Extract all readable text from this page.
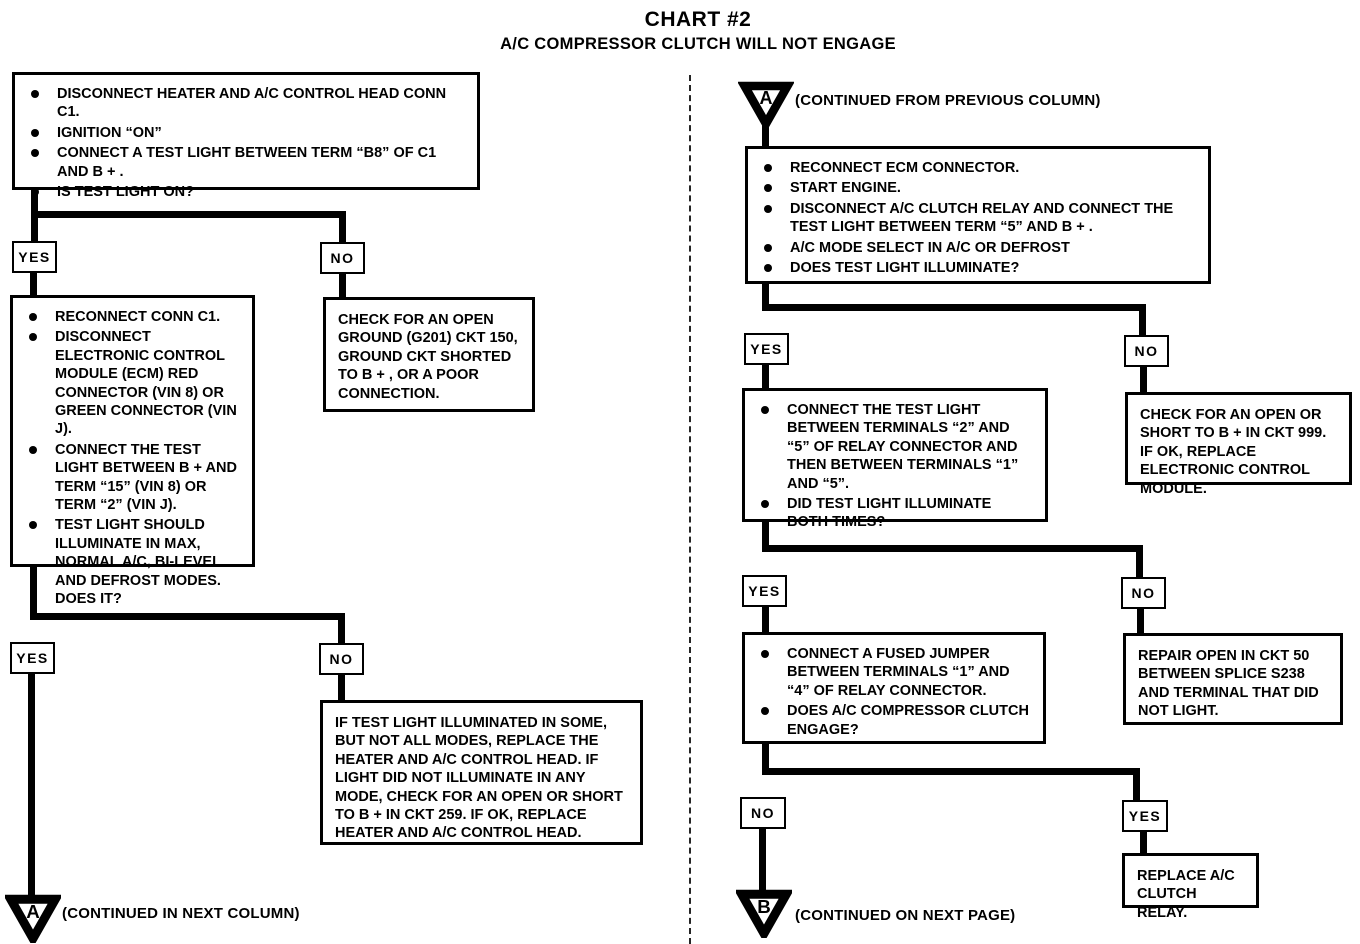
CHART #2
A/C COMPRESSOR CLUTCH WILL NOT ENGAGE
DISCONNECT HEATER AND A/C CONTROL HEAD CONN C1.
IGNITION “ON”
CONNECT A TEST LIGHT BETWEEN TERM “B8” OF C1 AND B + .
IS TEST LIGHT ON?
YES	NO
RECONNECT CONN C1.
DISCONNECT ELECTRONIC CONTROL MODULE (ECM) RED CONNECTOR (VIN 8) OR GREEN CONNECTOR (VIN J).
CONNECT THE TEST LIGHT BETWEEN B + AND TERM “15” (VIN 8) OR TERM “2” (VIN J).
TEST LIGHT SHOULD ILLUMINATE IN MAX, NORMAL A/C, BI-LEVEL AND DEFROST MODES. DOES IT?
CHECK FOR AN OPEN GROUND (G201) CKT 150, GROUND CKT SHORTED TO B + , OR A POOR CONNECTION.
YES	NO
IF TEST LIGHT ILLUMINATED IN SOME, BUT NOT ALL MODES, REPLACE THE HEATER AND A/C CONTROL HEAD. IF LIGHT DID NOT ILLUMINATE IN ANY MODE, CHECK FOR AN OPEN OR SHORT TO B + IN CKT 259. IF OK, REPLACE HEATER AND A/C CONTROL HEAD.
A (CONTINUED IN NEXT COLUMN)
A (CONTINUED FROM PREVIOUS COLUMN)
RECONNECT ECM CONNECTOR.
START ENGINE.
DISCONNECT A/C CLUTCH RELAY AND CONNECT THE TEST LIGHT BETWEEN TERM “5” AND B + .
A/C MODE SELECT IN A/C OR DEFROST
DOES TEST LIGHT ILLUMINATE?
YES	NO
CONNECT THE TEST LIGHT BETWEEN TERMINALS “2” AND “5” OF RELAY CONNECTOR AND THEN BETWEEN TERMINALS “1” AND “5”.
DID TEST LIGHT ILLUMINATE BOTH TIMES?
CHECK FOR AN OPEN OR SHORT TO B + IN CKT 999. IF OK, REPLACE ELECTRONIC CONTROL MODULE.
YES	NO
CONNECT A FUSED JUMPER BETWEEN TERMINALS “1” AND “4” OF RELAY CONNECTOR.
DOES A/C COMPRESSOR CLUTCH ENGAGE?
REPAIR OPEN IN CKT 50 BETWEEN SPLICE S238 AND TERMINAL THAT DID NOT LIGHT.
NO	YES
REPLACE A/C CLUTCH RELAY.
B (CONTINUED ON NEXT PAGE)
